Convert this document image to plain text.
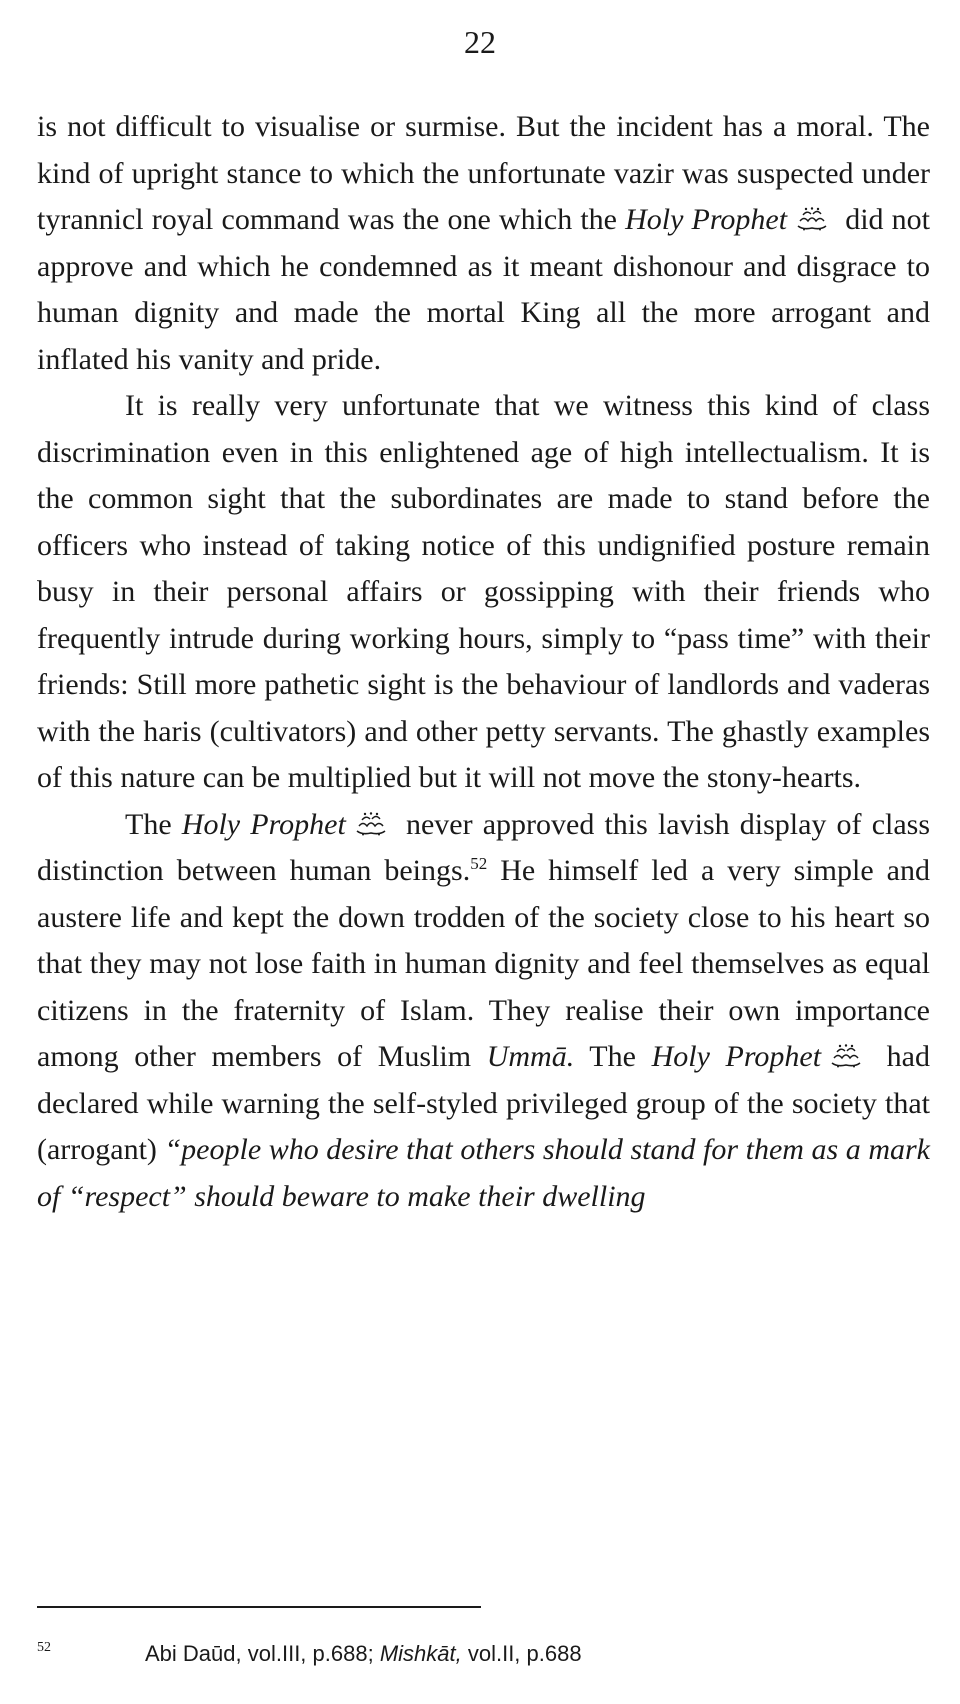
22

is not difficult to visualise or surmise. But the incident has a moral. The kind of upright stance to which the unfortunate vazir was suspected under tyrannicl royal command was the one which the Holy Prophet
did not approve and which he condemned as it meant dishonour and disgrace to human dignity and made the mortal King all the more arrogant and inflated his vanity and pride.

It is really very unfortunate that we witness this kind of class discrimination even in this enlightened age of high intellectualism. It is the common sight that the subordinates are made to stand before the officers who instead of taking notice of this undignified posture remain busy in their personal affairs or gossipping with their friends who frequently intrude during working hours, simply to “pass time” with their friends: Still more pathetic sight is the behaviour of landlords and vaderas with the haris (cultivators) and other petty servants. The ghastly examples of this nature can be multiplied but it will not move the stony-hearts.

The Holy Prophet
never approved this lavish display of class distinction between human beings.$^{52}$ He himself led a very simple and austere life and kept the down trodden of the society close to his heart so that they may not lose faith in human dignity and feel themselves as equal citizens in the fraternity of Islam. They realise their own importance among other members of Muslim Ummā. The Holy Prophet
had declared while warning the self-styled privileged group of the society that (arrogant) “people who desire that others should stand for them as a mark of “respect” should beware to make their dwelling

52	Abi Daūd, vol.III, p.688; Mishkāt, vol.II, p.688
